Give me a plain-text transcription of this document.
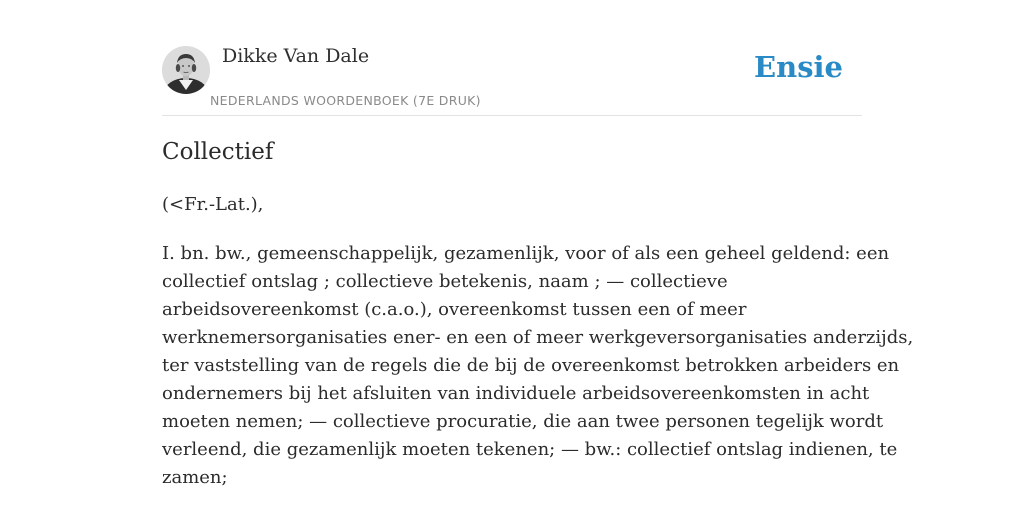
Dikke Van Dale
NEDERLANDS WOORDENBOEK (7E DRUK)
Ensie
Collectief

(<Fr.-Lat.),

I. bn. bw., gemeenschappelijk, gezamenlijk, voor of als een geheel geldend: een
collectief ontslag ; collectieve betekenis, naam ; — collectieve
arbeidsovereenkomst (c.a.o.), overeenkomst tussen een of meer
werknemersorganisaties ener- en een of meer werkgeversorganisaties anderzijds,
ter vaststelling van de regels die de bij de overeenkomst betrokken arbeiders en
ondernemers bij het afsluiten van individuele arbeidsovereenkomsten in acht
moeten nemen; — collectieve procuratie, die aan twee personen tegelijk wordt
verleend, die gezamenlijk moeten tekenen; — bw.: collectief ontslag indienen, te
zamen;
